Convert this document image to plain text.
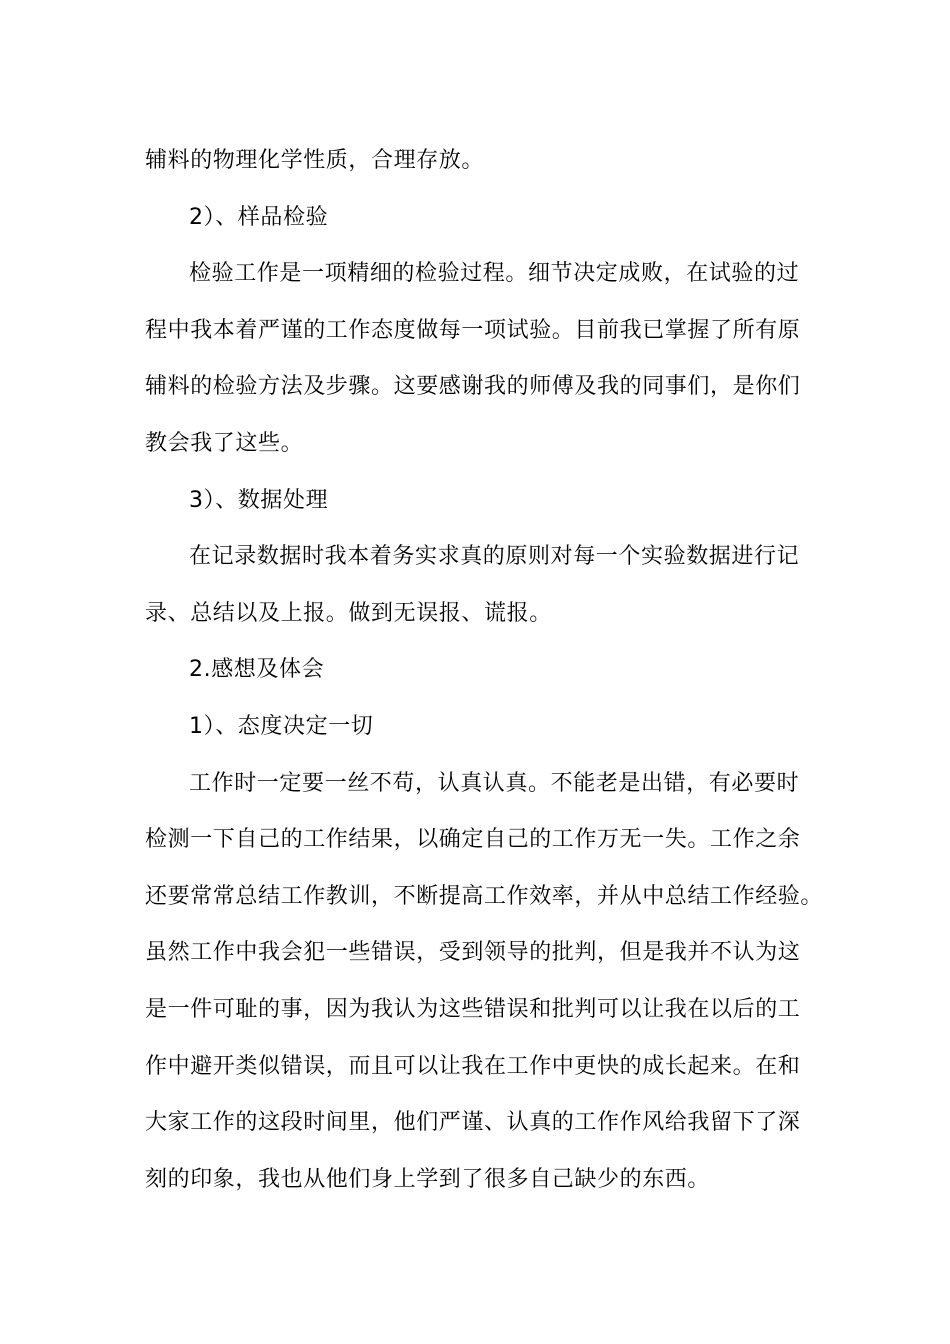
辅料的物理化学性质，合理存放。

2）、样品检验

检验工作是一项精细的检验过程。细节决定成败，在试验的过
程中我本着严谨的工作态度做每一项试验。目前我已掌握了所有原
辅料的检验方法及步骤。这要感谢我的师傅及我的同事们，是你们
教会我了这些。

3）、数据处理

在记录数据时我本着务实求真的原则对每一个实验数据进行记
录、总结以及上报。做到无误报、谎报。

2.感想及体会

1）、态度决定一切

工作时一定要一丝不苟，认真认真。不能老是出错，有必要时
检测一下自己的工作结果，以确定自己的工作万无一失。工作之余
还要常常总结工作教训，不断提高工作效率，并从中总结工作经验。
虽然工作中我会犯一些错误，受到领导的批判，但是我并不认为这
是一件可耻的事，因为我认为这些错误和批判可以让我在以后的工
作中避开类似错误，而且可以让我在工作中更快的成长起来。在和
大家工作的这段时间里，他们严谨、认真的工作作风给我留下了深
刻的印象，我也从他们身上学到了很多自己缺少的东西。
